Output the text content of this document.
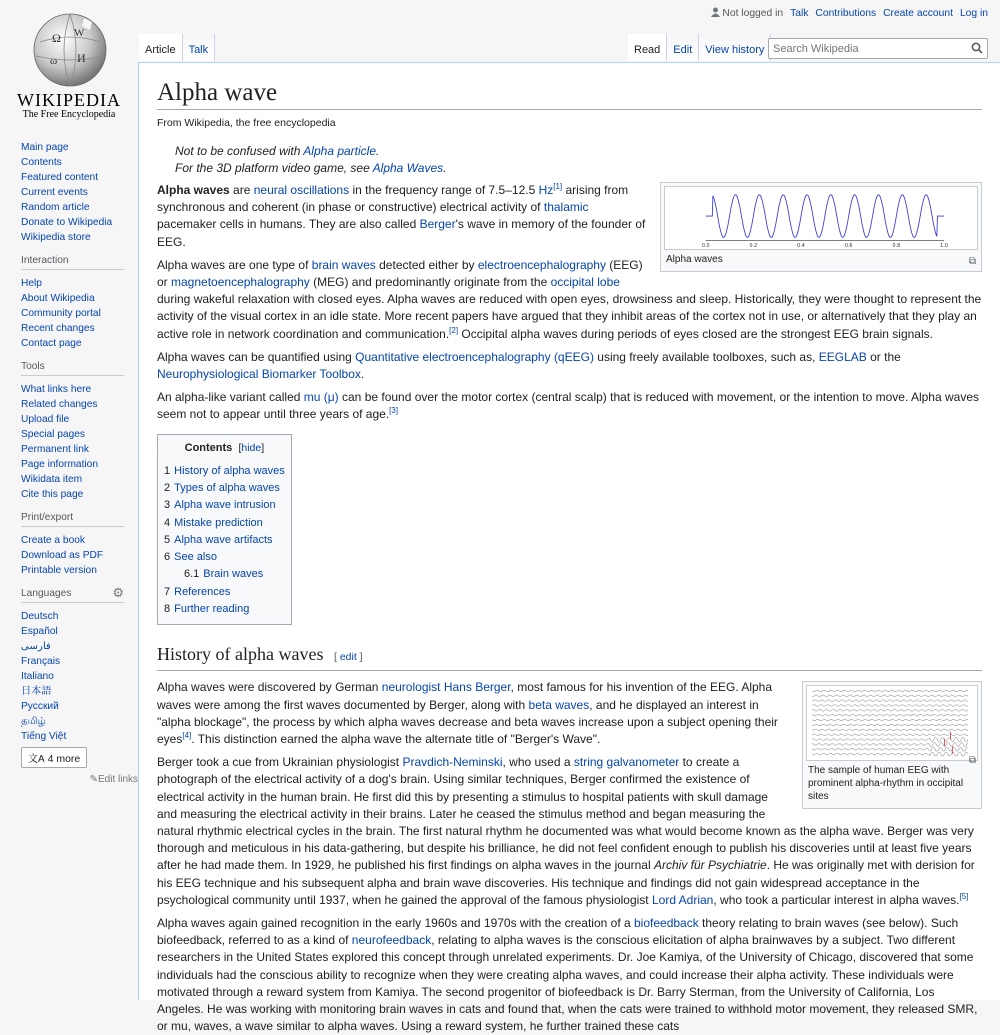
Ω W
ω И
WIKIPEDIA
The Free Encyclopedia
Not logged in Talk Contributions Create account Log in
Article	Talk	Read	Edit	View history
Search Wikipedia
Main page
Contents
Featured content
Current events
Random article
Donate to Wikipedia
Wikipedia store
Interaction
Help
About Wikipedia
Community portal
Recent changes
Contact page
Tools
What links here
Related changes
Upload file
Special pages
Permanent link
Page information
Wikidata item
Cite this page
Print/export
Create a book
Download as PDF
Printable version
Languages	⚙
Deutsch
Español
فارسی
Français
Italiano
日本語
Русский
தமிழ்
Tiếng Việt
文A 4 more
✎Edit links
Alpha wave
From Wikipedia, the free encyclopedia
Not to be confused with Alpha particle.
For the 3D platform video game, see Alpha Waves.
0.0	0.2	0.4	0.6	0.8	1.0
Alpha waves	⧉

Alpha waves are neural oscillations in the frequency range of 7.5–12.5 Hz[1] arising from synchronous and coherent (in phase or constructive) electrical activity of thalamic pacemaker cells in humans. They are also called Berger's wave in memory of the founder of EEG.

Alpha waves are one type of brain waves detected either by electroencephalography (EEG) or magnetoencephalography (MEG) and predominantly originate from the occipital lobe during wakeful relaxation with closed eyes. Alpha waves are reduced with open eyes, drowsiness and sleep. Historically, they were thought to represent the activity of the visual cortex in an idle state. More recent papers have argued that they inhibit areas of the cortex not in use, or alternatively that they play an active role in network coordination and communication.[2] Occipital alpha waves during periods of eyes closed are the strongest EEG brain signals.

Alpha waves can be quantified using Quantitative electroencephalography (qEEG) using freely available toolboxes, such as, EEGLAB or the Neurophysiological Biomarker Toolbox.

An alpha-like variant called mu (μ) can be found over the motor cortex (central scalp) that is reduced with movement, or the intention to move. Alpha waves seem not to appear until three years of age.[3]

Contents [hide]
1 History of alpha waves
2 Types of alpha waves
3 Alpha wave intrusion
4 Mistake prediction
5 Alpha wave artifacts
6 See also
6.1 Brain waves
7 References
8 Further reading
History of alpha waves [ edit ]
The sample of human EEG with prominent alpha-rhythm in occipital sites
⧉

Alpha waves were discovered by German neurologist Hans Berger, most famous for his invention of the EEG. Alpha waves were among the first waves documented by Berger, along with beta waves, and he displayed an interest in "alpha blockage", the process by which alpha waves decrease and beta waves increase upon a subject opening their eyes[4]. This distinction earned the alpha wave the alternate title of "Berger's Wave".

Berger took a cue from Ukrainian physiologist Pravdich-Neminski, who used a string galvanometer to create a photograph of the electrical activity of a dog's brain. Using similar techniques, Berger confirmed the existence of electrical activity in the human brain. He first did this by presenting a stimulus to hospital patients with skull damage and measuring the electrical activity in their brains. Later he ceased the stimulus method and began measuring the natural rhythmic electrical cycles in the brain. The first natural rhythm he documented was what would become known as the alpha wave. Berger was very thorough and meticulous in his data-gathering, but despite his brilliance, he did not feel confident enough to publish his discoveries until at least five years after he had made them. In 1929, he published his first findings on alpha waves in the journal Archiv für Psychiatrie. He was originally met with derision for his EEG technique and his subsequent alpha and brain wave discoveries. His technique and findings did not gain widespread acceptance in the psychological community until 1937, when he gained the approval of the famous physiologist Lord Adrian, who took a particular interest in alpha waves.[5]

Alpha waves again gained recognition in the early 1960s and 1970s with the creation of a biofeedback theory relating to brain waves (see below). Such biofeedback, referred to as a kind of neurofeedback, relating to alpha waves is the conscious elicitation of alpha brainwaves by a subject. Two different researchers in the United States explored this concept through unrelated experiments. Dr. Joe Kamiya, of the University of Chicago, discovered that some individuals had the conscious ability to recognize when they were creating alpha waves, and could increase their alpha activity. These individuals were motivated through a reward system from Kamiya. The second progenitor of biofeedback is Dr. Barry Sterman, from the University of California, Los Angeles. He was working with monitoring brain waves in cats and found that, when the cats were trained to withhold motor movement, they released SMR, or mu, waves, a wave similar to alpha waves. Using a reward system, he further trained these cats
